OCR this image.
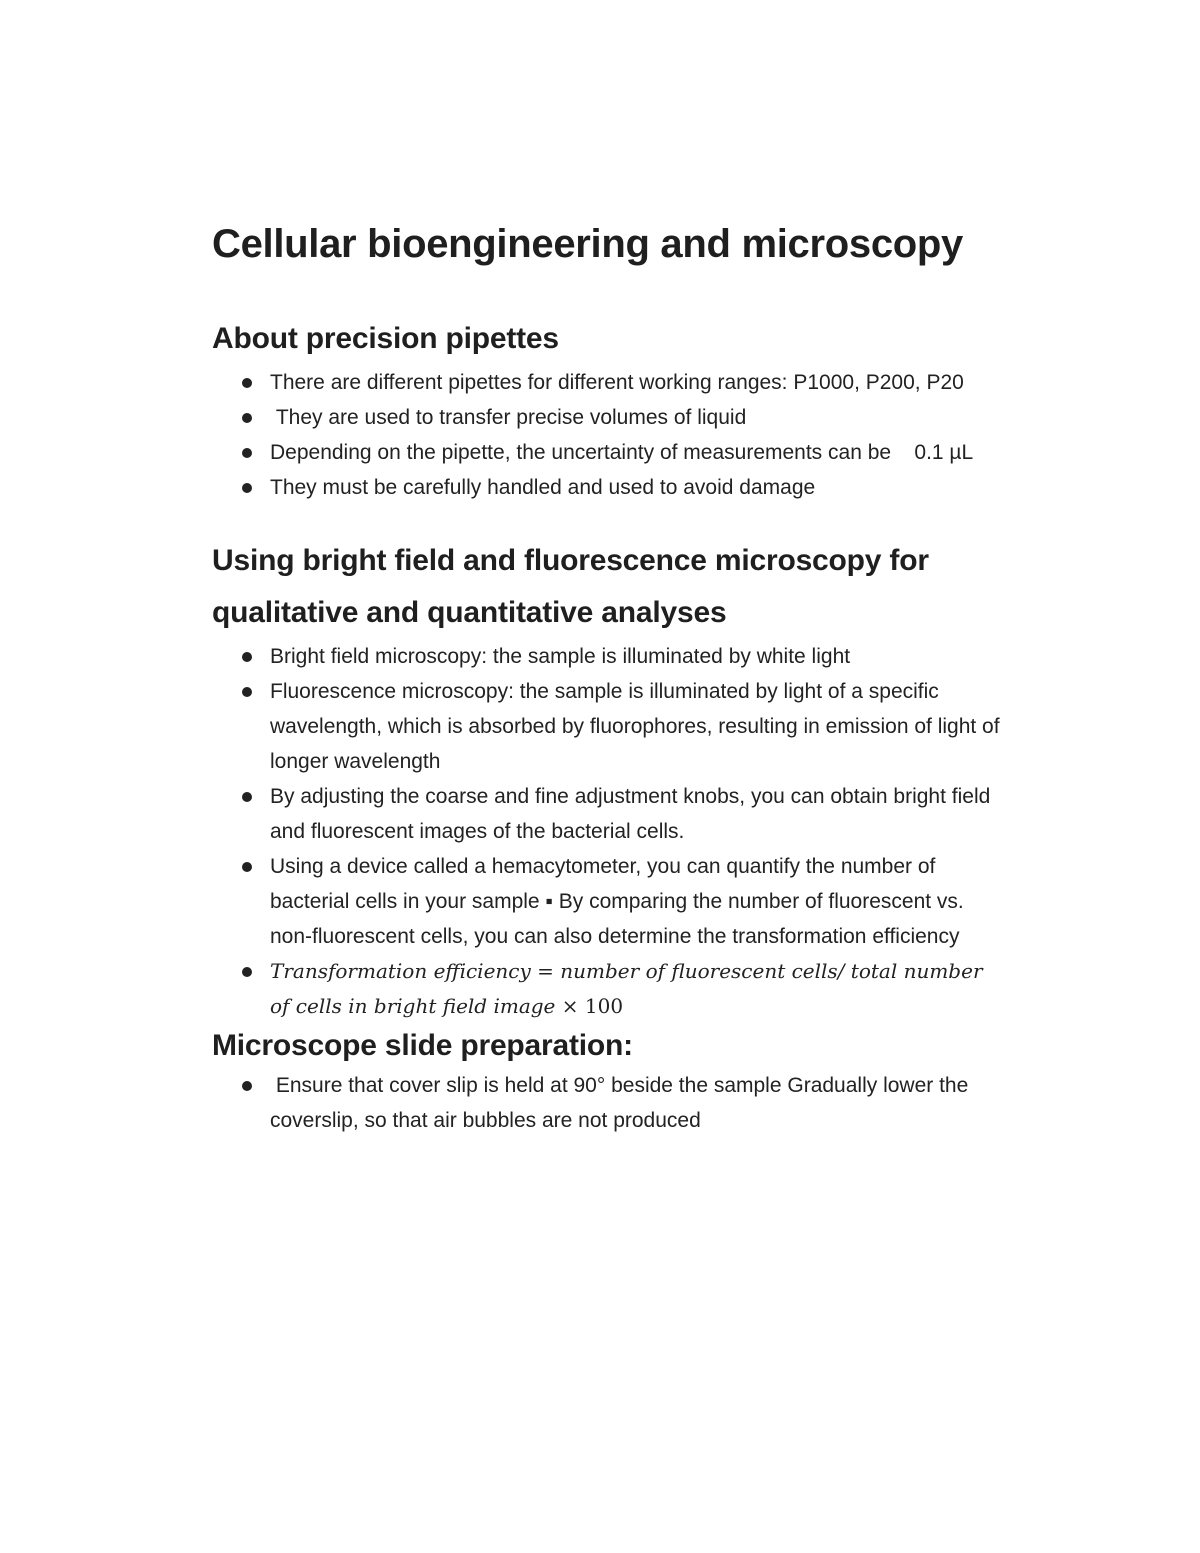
Cellular bioengineering and microscopy
About precision pipettes
There are different pipettes for different working ranges: P1000, P200, P20
They are used to transfer precise volumes of liquid
Depending on the pipette, the uncertainty of measurements can be    0.1 µL
They must be carefully handled and used to avoid damage
Using bright field and fluorescence microscopy for qualitative and quantitative analyses
Bright field microscopy: the sample is illuminated by white light
Fluorescence microscopy: the sample is illuminated by light of a specific wavelength, which is absorbed by fluorophores, resulting in emission of light of longer wavelength
By adjusting the coarse and fine adjustment knobs, you can obtain bright field and fluorescent images of the bacterial cells.
Using a device called a hemacytometer, you can quantify the number of bacterial cells in your sample ▪ By comparing the number of fluorescent vs. non-fluorescent cells, you can also determine the transformation efficiency
Transformation efficiency = number of fluorescent cells/ total number of cells in bright field image × 100
Microscope slide preparation:
Ensure that cover slip is held at 90° beside the sample Gradually lower the coverslip, so that air bubbles are not produced
